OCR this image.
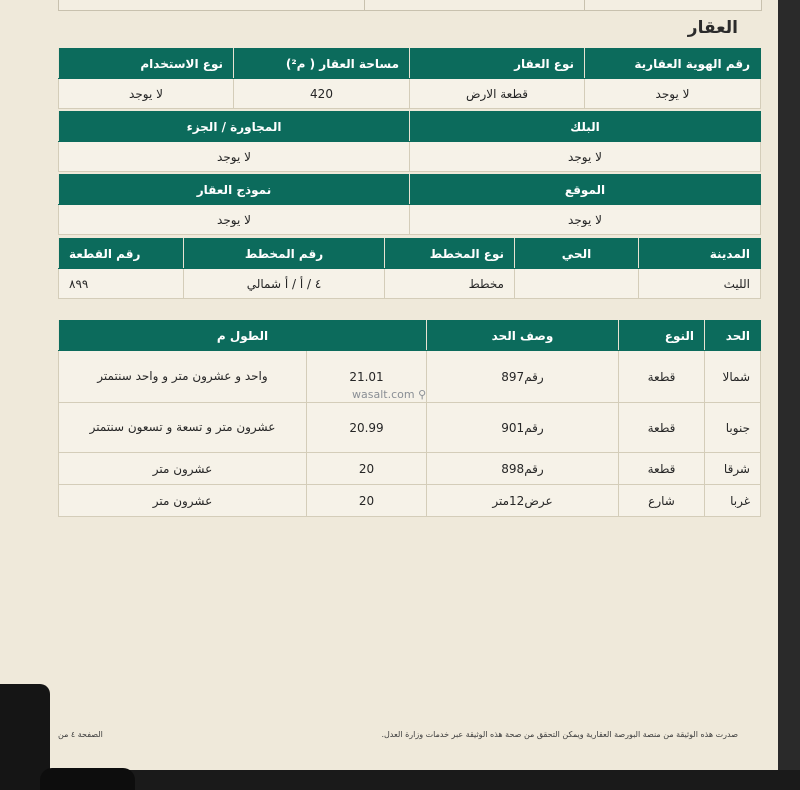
العقار
رقم الهوية العقارية	نوع العقار	مساحة العقار ( م²)	نوع الاستخدام
لا يوجد	قطعة الارض	420	لا يوجد
البلك	المجاورة / الجزء
لا يوجد	لا يوجد
الموقع	نموذج العقار
لا يوجد	لا يوجد
المدينة	الحي	نوع المخطط	رقم المخطط	رقم القطعة
الليث		مخطط	٤ / أ / أ شمالي	٨٩٩
الحد	النوع	وصف الحد	الطول م	
شمالا	قطعة	رقم897	21.01	واحد و عشرون متر و واحد سنتمتر
جنوبا	قطعة	رقم901	20.99	عشرون متر و تسعة و تسعون سنتمتر
شرقا	قطعة	رقم898	20	عشرون متر
غربا	شارع	عرض12متر	20	عشرون متر
wasalt.com ⚲
صدرت هذه الوثيقة من منصة البورصة العقارية ويمكن التحقق من صحة هذه الوثيقة عبر خدمات وزارة العدل.
الصفحة ٤ من
